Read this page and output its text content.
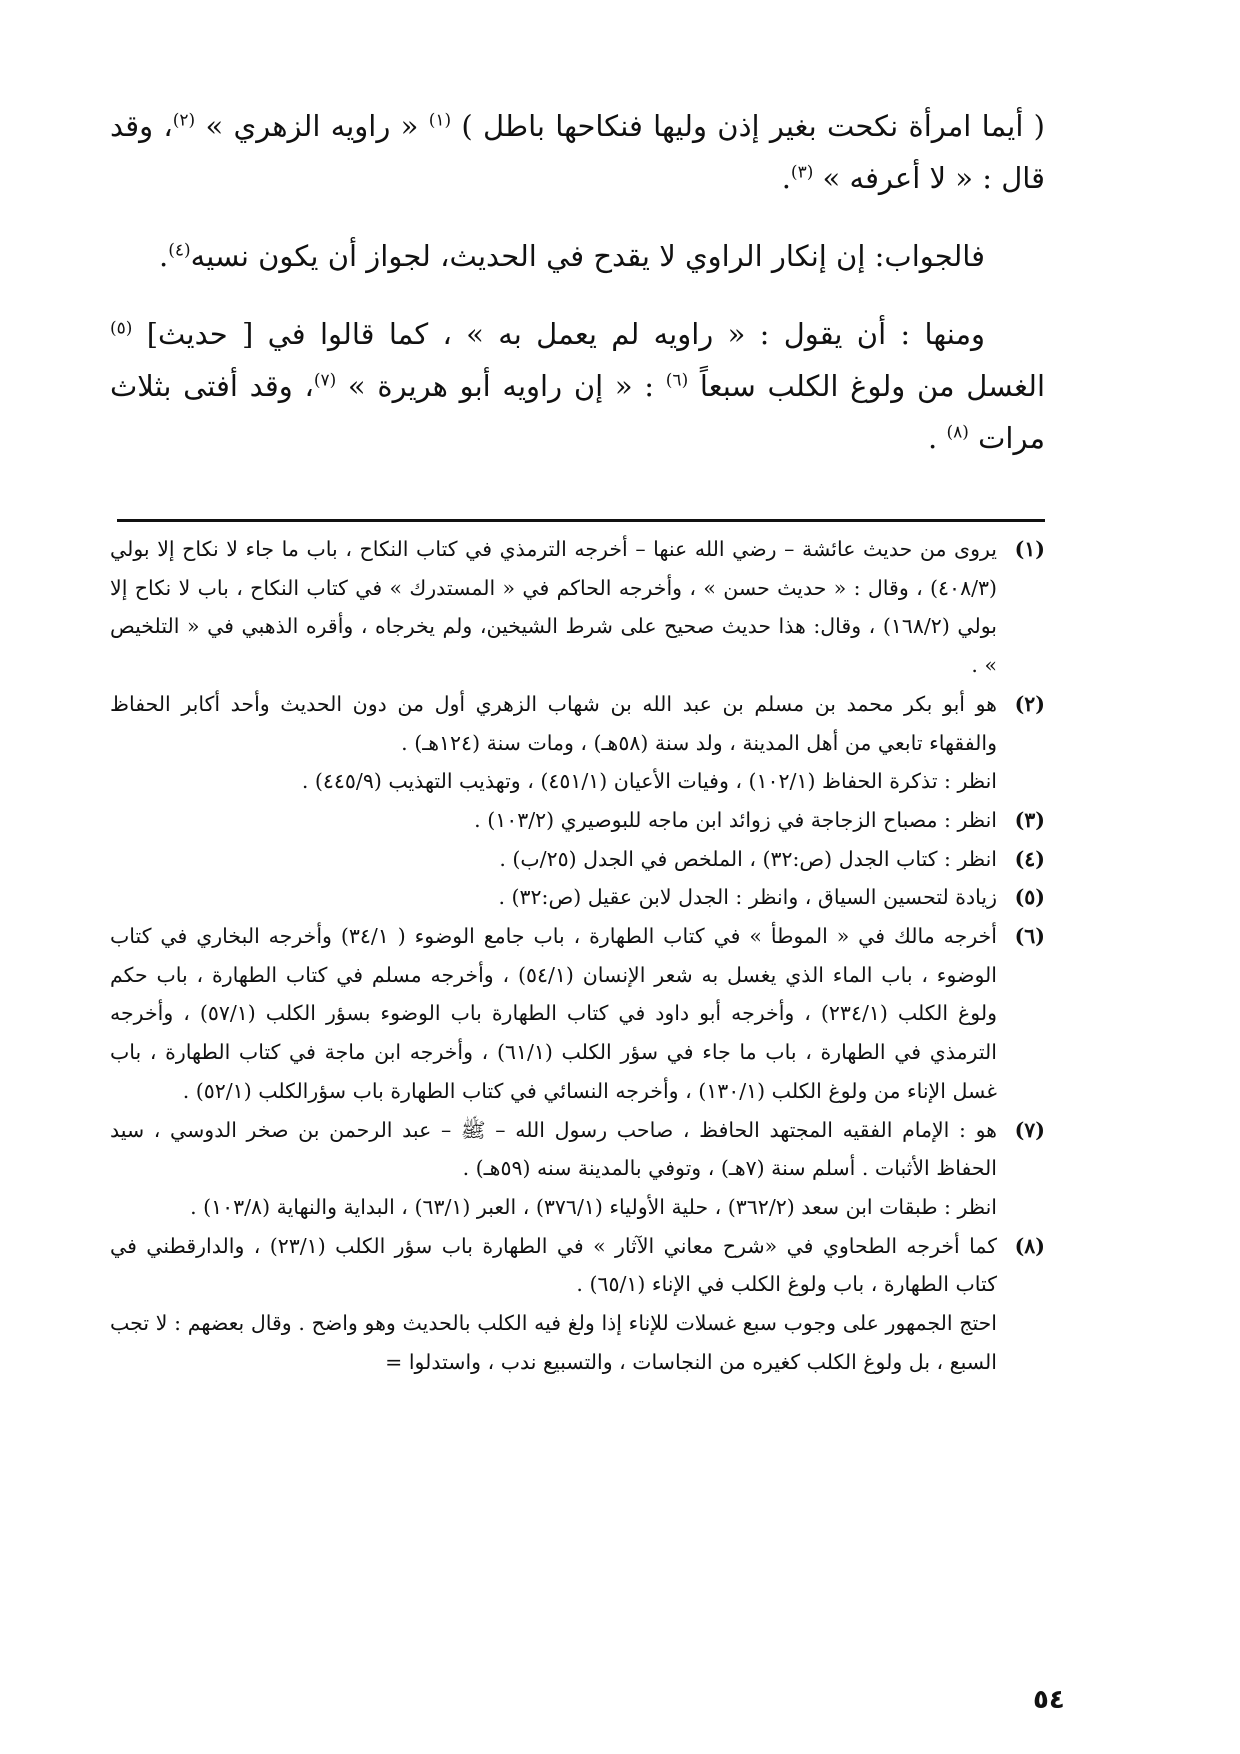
( أيما امرأة نكحت بغير إذن وليها فنكاحها باطل ) $^{(١)}$ « راويه الزهري » $^{(٢)}$، وقد قال : « لا أعرفه » $^{(٣)}$.

فالجواب: إن إنكار الراوي لا يقدح في الحديث، لجواز أن يكون نسيه$^{(٤)}$.

ومنها : أن يقول : « راويه لم يعمل به » ، كما قالوا في [ حديث] $^{(٥)}$ الغسل من ولوغ الكلب سبعاً $^{(٦)}$ : « إن راويه أبو هريرة » $^{(٧)}$، وقد أفتى بثلاث مرات $^{(٨)}$ .

(١)

يروى من حديث عائشة – رضي الله عنها – أخرجه الترمذي في كتاب النكاح ، باب ما جاء لا نكاح إلا بولي (٤٠٨/٣) ، وقال : « حديث حسن » ، وأخرجه الحاكم في « المستدرك » في كتاب النكاح ، باب لا نكاح إلا بولي (١٦٨/٢) ، وقال: هذا حديث صحيح على شرط الشيخين، ولم يخرجاه ، وأقره الذهبي في « التلخيص » .

(٢)

هو أبو بكر محمد بن مسلم بن عبد الله بن شهاب الزهري أول من دون الحديث وأحد أكابر الحفاظ والفقهاء تابعي من أهل المدينة ، ولد سنة (٥٨هـ) ، ومات سنة (١٢٤هـ) .

انظر : تذكرة الحفاظ (١٠٢/١) ، وفيات الأعيان (٤٥١/١) ، وتهذيب التهذيب (٤٤٥/٩) .

(٣)

انظر : مصباح الزجاجة في زوائد ابن ماجه للبوصيري (١٠٣/٢) .

(٤)

انظر : كتاب الجدل (ص:٣٢) ، الملخص في الجدل (٢٥/ب) .

(٥)

زيادة لتحسين السياق ، وانظر : الجدل لابن عقيل (ص:٣٢) .

(٦)

أخرجه مالك في « الموطأ » في كتاب الطهارة ، باب جامع الوضوء ( ٣٤/١) وأخرجه البخاري في كتاب الوضوء ، باب الماء الذي يغسل به شعر الإنسان (٥٤/١) ، وأخرجه مسلم في كتاب الطهارة ، باب حكم ولوغ الكلب (٢٣٤/١) ، وأخرجه أبو داود في كتاب الطهارة باب الوضوء بسؤر الكلب (٥٧/١) ، وأخرجه الترمذي في الطهارة ، باب ما جاء في سؤر الكلب (٦١/١) ، وأخرجه ابن ماجة في كتاب الطهارة ، باب غسل الإناء من ولوغ الكلب (١٣٠/١) ، وأخرجه النسائي في كتاب الطهارة باب سؤرالكلب (٥٢/١) .

(٧)

هو : الإمام الفقيه المجتهد الحافظ ، صاحب رسول الله – ﷺ – عبد الرحمن بن صخر الدوسي ، سيد الحفاظ الأثبات . أسلم سنة (٧هـ) ، وتوفي بالمدينة سنه (٥٩هـ) .

انظر : طبقات ابن سعد (٣٦٢/٢) ، حلية الأولياء (٣٧٦/١) ، العبر (٦٣/١) ، البداية والنهاية (١٠٣/٨) .

(٨)

كما أخرجه الطحاوي في «شرح معاني الآثار » في الطهارة باب سؤر الكلب (٢٣/١) ، والدارقطني في كتاب الطهارة ، باب ولوغ الكلب في الإناء (٦٥/١) .

احتج الجمهور على وجوب سبع غسلات للإناء إذا ولغ فيه الكلب بالحديث وهو واضح . وقال بعضهم : لا تجب السبع ، بل ولوغ الكلب كغيره من النجاسات ، والتسبيع ندب ، واستدلوا =

٥٤
